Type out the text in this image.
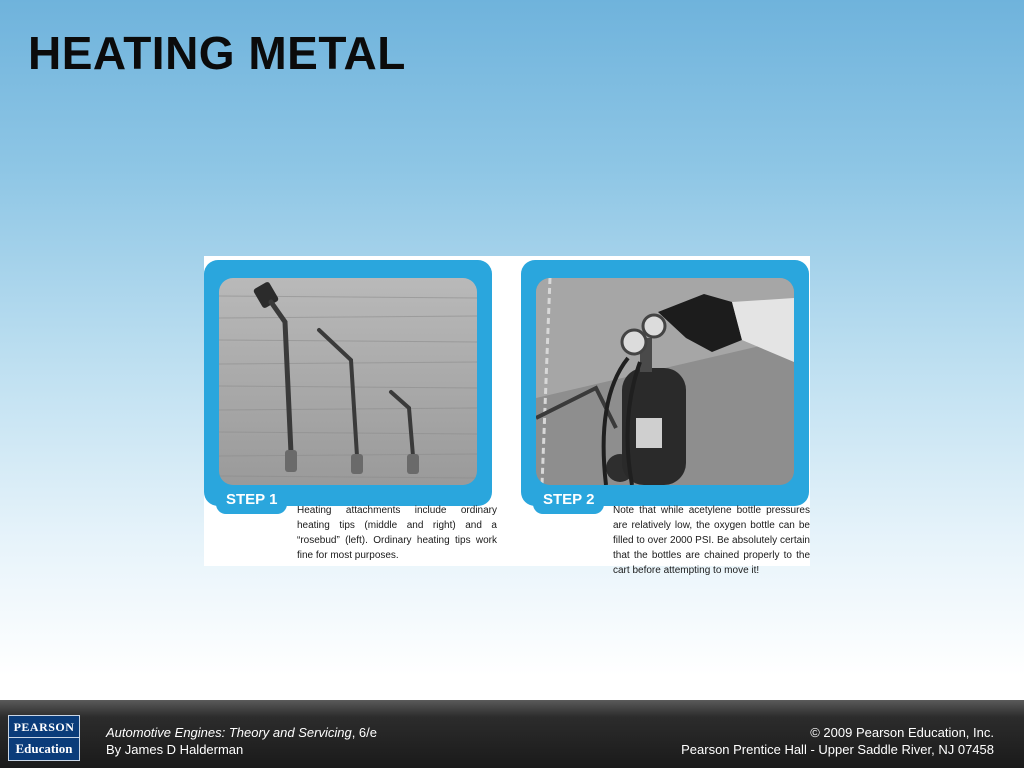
HEATING METAL
STEP 1
Heating attachments include ordinary heating tips (middle and right) and a “rosebud” (left). Ordinary heating tips work fine for most purposes.
STEP 2
Note that while acetylene bottle pressures are relatively low, the oxygen bottle can be filled to over 2000 PSI. Be absolutely certain that the bottles are chained properly to the cart before attempting to move it!
PEARSON
Education
Automotive Engines: Theory and Servicing, 6/e
By James D Halderman
© 2009 Pearson Education, Inc.
Pearson Prentice Hall - Upper Saddle River, NJ 07458
